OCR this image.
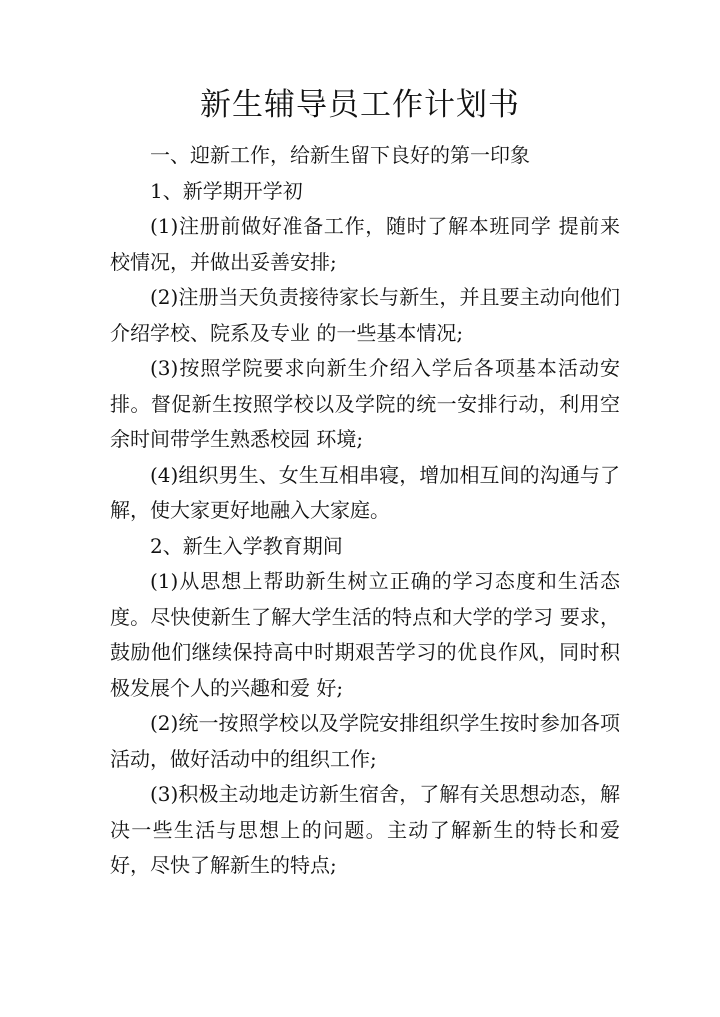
新生辅导员工作计划书

一、迎新工作，给新生留下良好的第一印象

1、新学期开学初

(1)注册前做好准备工作，随时了解本班同学 提前来校情况，并做出妥善安排;

(2)注册当天负责接待家长与新生，并且要主动向他们介绍学校、院系及专业 的一些基本情况;

(3)按照学院要求向新生介绍入学后各项基本活动安排。督促新生按照学校以及学院的统一安排行动，利用空余时间带学生熟悉校园 环境;

(4)组织男生、女生互相串寝，增加相互间的沟通与了解，使大家更好地融入大家庭。

2、新生入学教育期间

(1)从思想上帮助新生树立正确的学习态度和生活态度。尽快使新生了解大学生活的特点和大学的学习 要求，鼓励他们继续保持高中时期艰苦学习的优良作风，同时积极发展个人的兴趣和爱 好;

(2)统一按照学校以及学院安排组织学生按时参加各项活动，做好活动中的组织工作;

(3)积极主动地走访新生宿舍，了解有关思想动态，解决一些生活与思想上的问题。主动了解新生的特长和爱好，尽快了解新生的特点;
